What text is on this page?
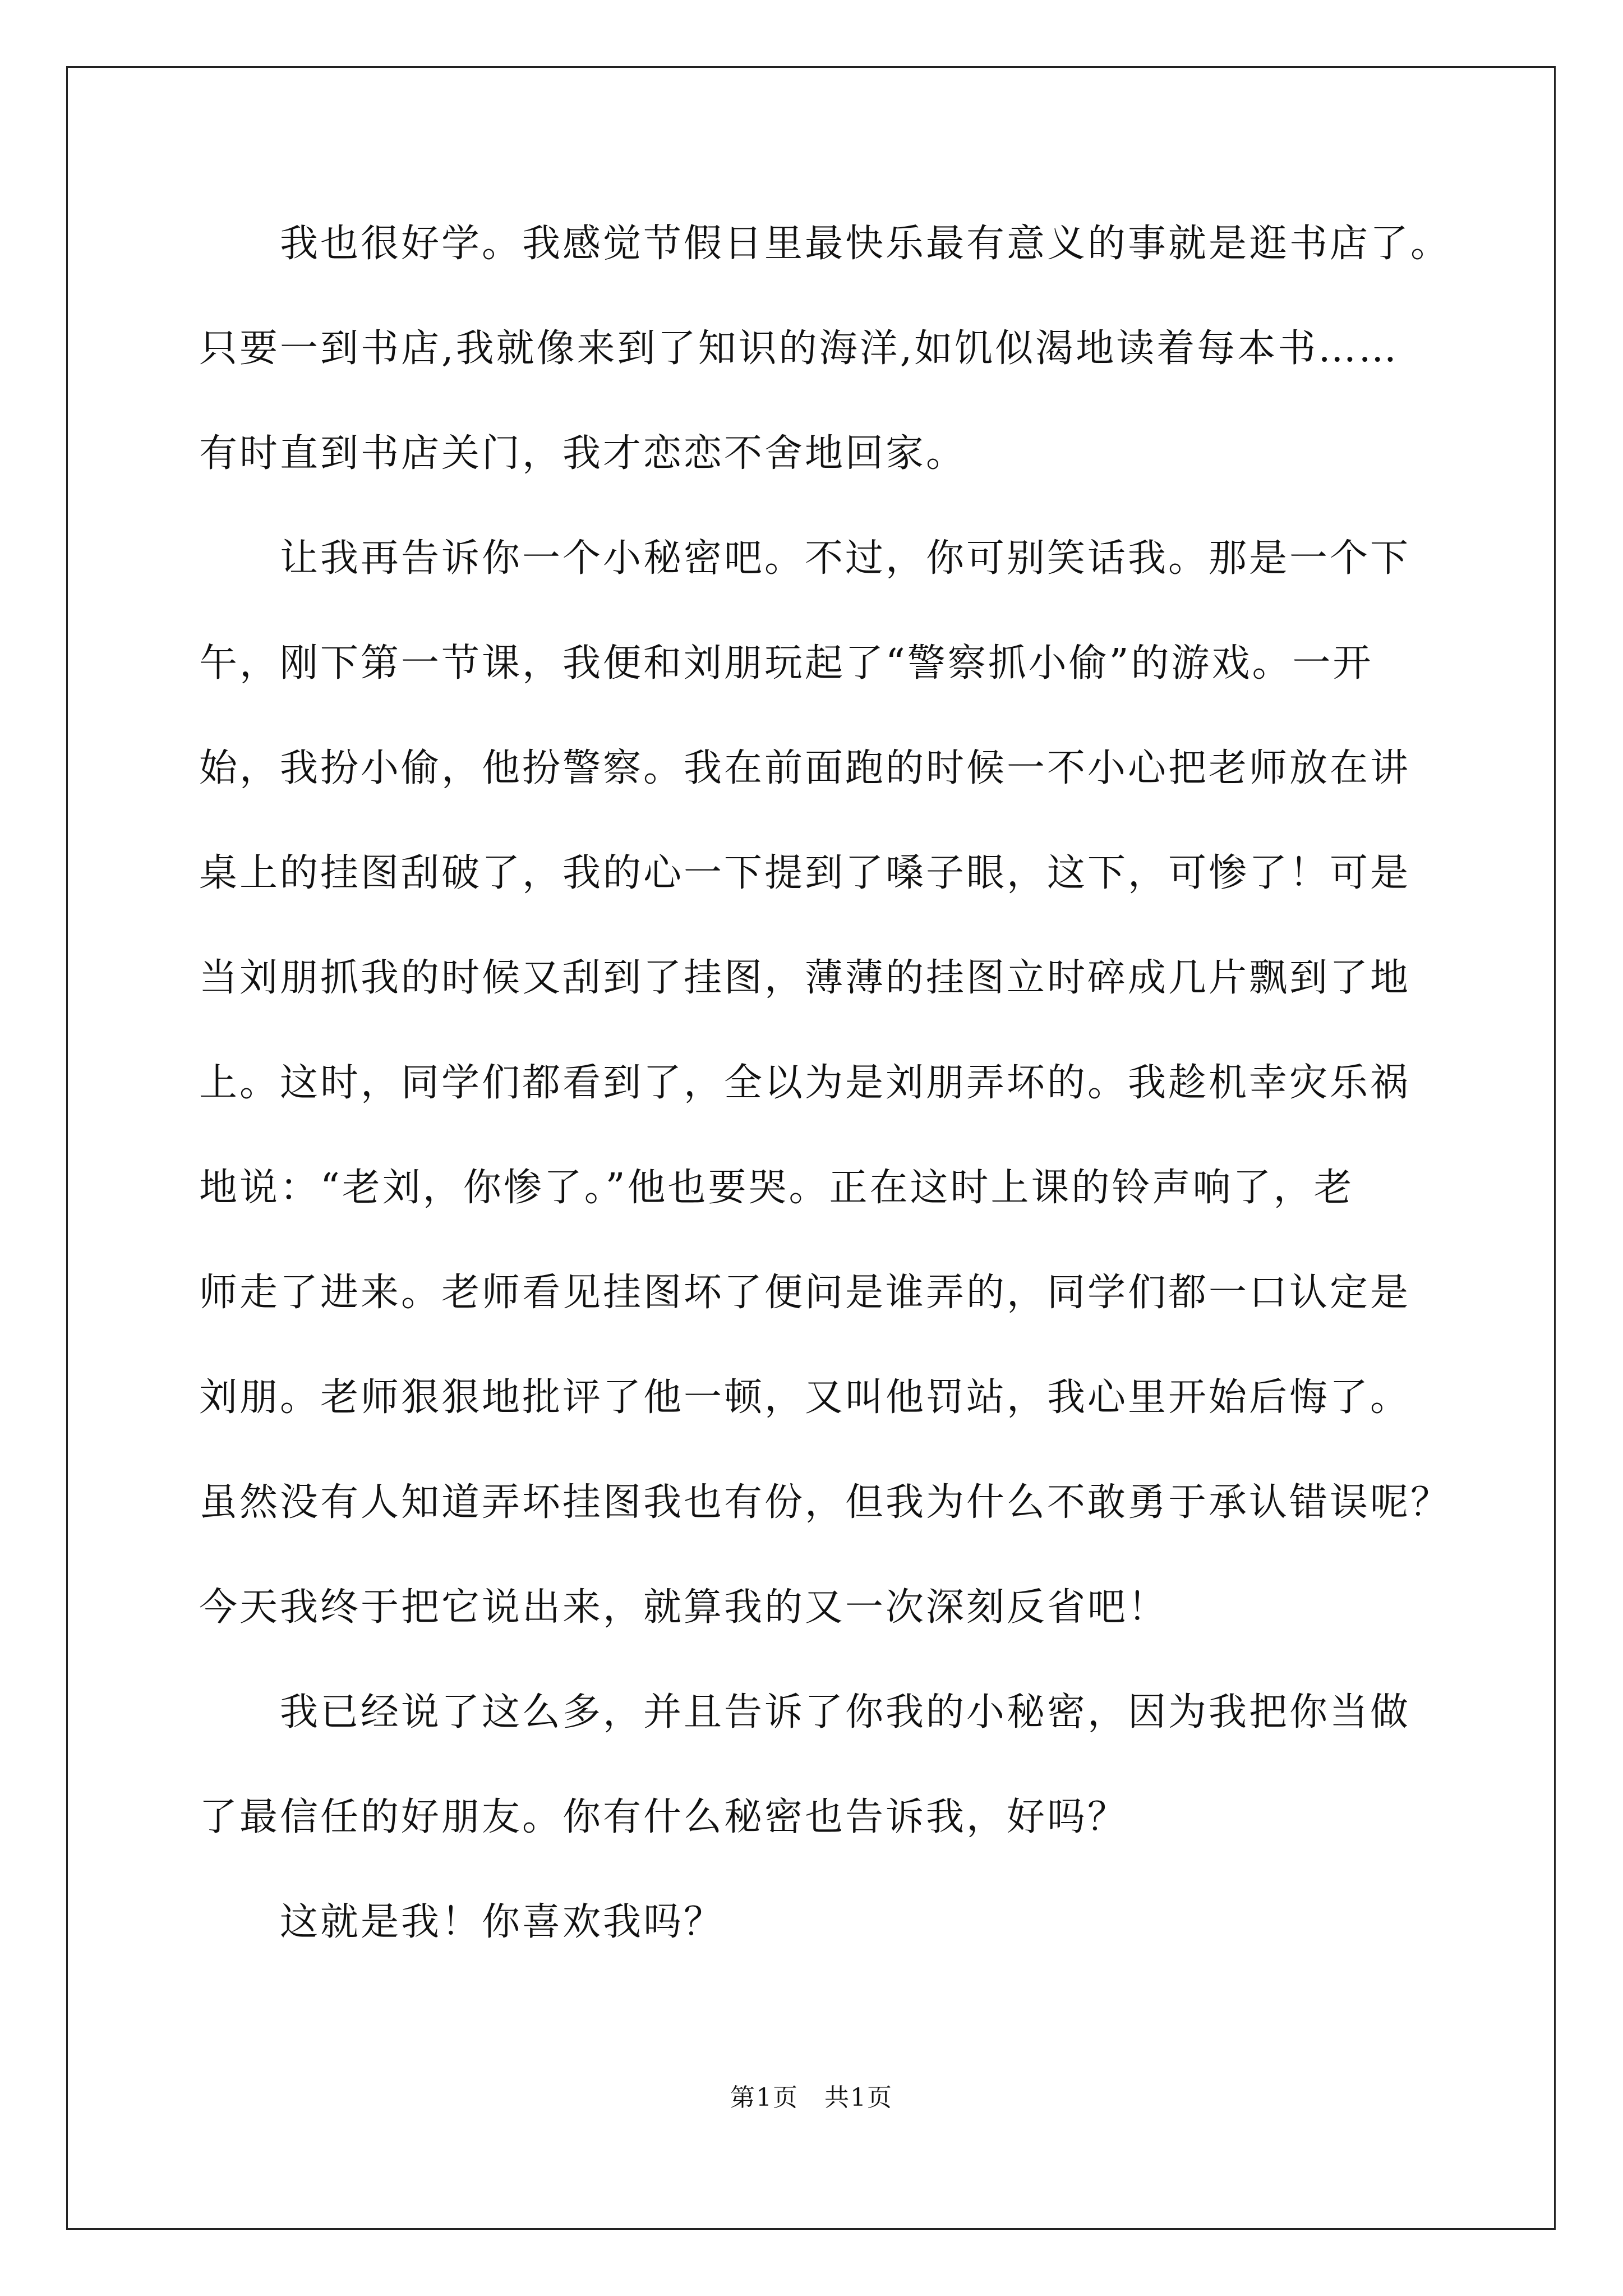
我也很好学。我感觉节假日里最快乐最有意义的事就是逛书店了。
只要一到书店,我就像来到了知识的海洋,如饥似渴地读着每本书……
有时直到书店关门，我才恋恋不舍地回家。
让我再告诉你一个小秘密吧。不过，你可别笑话我。那是一个下
午，刚下第一节课，我便和刘朋玩起了“警察抓小偷”的游戏。一开
始，我扮小偷，他扮警察。我在前面跑的时候一不小心把老师放在讲
桌上的挂图刮破了，我的心一下提到了嗓子眼，这下，可惨了！可是
当刘朋抓我的时候又刮到了挂图，薄薄的挂图立时碎成几片飘到了地
上。这时，同学们都看到了，全以为是刘朋弄坏的。我趁机幸灾乐祸
地说：“老刘，你惨了。”他也要哭。正在这时上课的铃声响了，老
师走了进来。老师看见挂图坏了便问是谁弄的，同学们都一口认定是
刘朋。老师狠狠地批评了他一顿，又叫他罚站，我心里开始后悔了。
虽然没有人知道弄坏挂图我也有份，但我为什么不敢勇于承认错误呢？
今天我终于把它说出来，就算我的又一次深刻反省吧！
我已经说了这么多，并且告诉了你我的小秘密，因为我把你当做
了最信任的好朋友。你有什么秘密也告诉我，好吗？
这就是我！你喜欢我吗？
第1页　共1页
